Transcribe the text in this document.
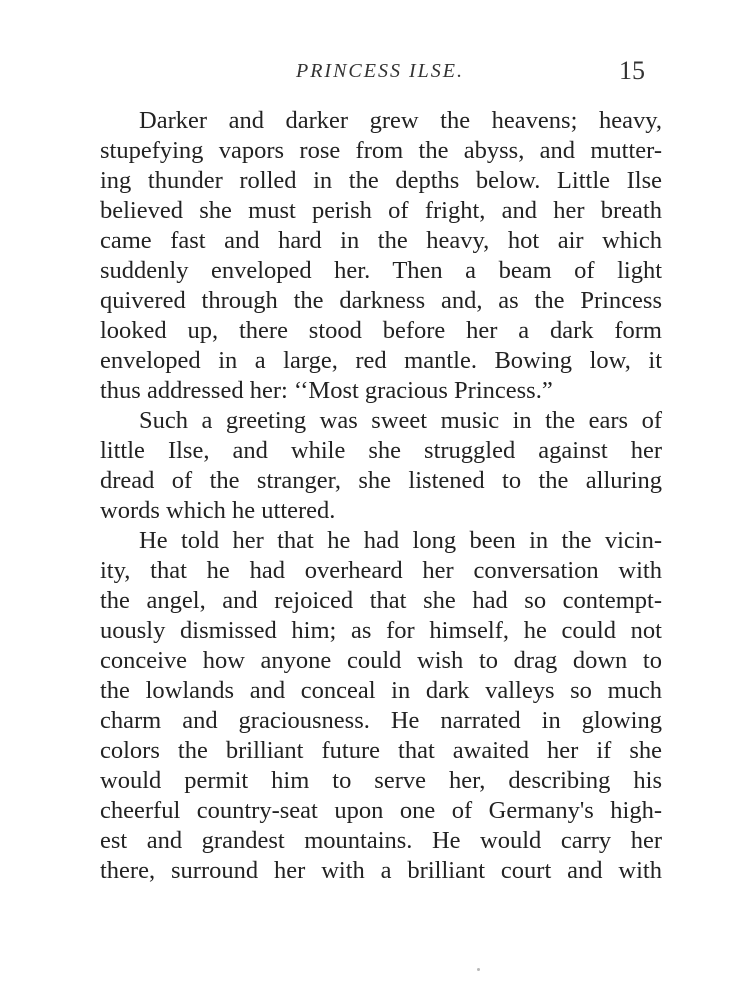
PRINCESS ILSE.	15
Darker and darker grew the heavens; heavy,
stupefying vapors rose from the abyss, and mutter-
ing thunder rolled in the depths below. Little Ilse
believed she must perish of fright, and her breath
came fast and hard in the heavy, hot air which
suddenly enveloped her. Then a beam of light
quivered through the darkness and, as the Princess
looked up, there stood before her a dark form
enveloped in a large, red mantle. Bowing low, it
thus addressed her: ‘‘Most gracious Princess.”
Such a greeting was sweet music in the ears of
little Ilse, and while she struggled against her
dread of the stranger, she listened to the alluring
words which he uttered.
He told her that he had long been in the vicin-
ity, that he had overheard her conversation with
the angel, and rejoiced that she had so contempt-
uously dismissed him; as for himself, he could not
conceive how anyone could wish to drag down to
the lowlands and conceal in dark valleys so much
charm and graciousness. He narrated in glowing
colors the brilliant future that awaited her if she
would permit him to serve her, describing his
cheerful country-seat upon one of Germany's high-
est and grandest mountains. He would carry her
there, surround her with a brilliant court and with
